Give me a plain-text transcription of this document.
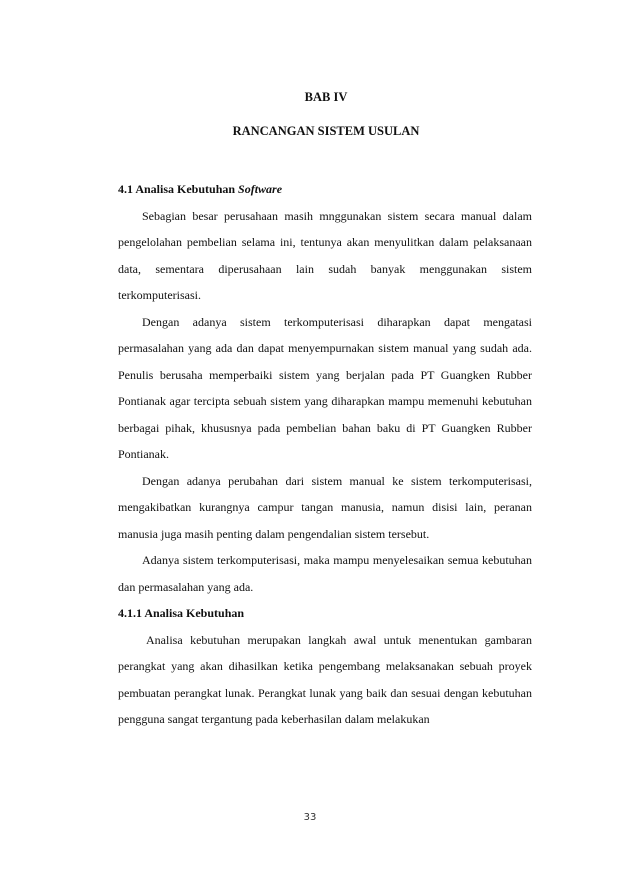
BAB IV
RANCANGAN SISTEM USULAN

4.1 Analisa Kebutuhan Software

Sebagian besar perusahaan masih mnggunakan sistem secara manual dalam pengelolahan pembelian selama ini, tentunya akan menyulitkan dalam pelaksanaan data, sementara diperusahaan lain sudah banyak menggunakan sistem terkomputerisasi.

Dengan adanya sistem terkomputerisasi diharapkan dapat mengatasi permasalahan yang ada dan dapat menyempurnakan sistem manual yang sudah ada. Penulis berusaha memperbaiki sistem yang berjalan pada PT Guangken Rubber Pontianak agar tercipta sebuah sistem yang diharapkan mampu memenuhi kebutuhan berbagai pihak, khususnya pada pembelian bahan baku di PT Guangken Rubber Pontianak.

Dengan adanya perubahan dari sistem manual ke sistem terkomputerisasi, mengakibatkan kurangnya campur tangan manusia, namun disisi lain, peranan manusia juga masih penting dalam pengendalian sistem tersebut.

Adanya sistem terkomputerisasi, maka mampu menyelesaikan semua kebutuhan dan permasalahan yang ada.

4.1.1 Analisa Kebutuhan

Analisa kebutuhan merupakan langkah awal untuk menentukan gambaran perangkat yang akan dihasilkan ketika pengembang melaksanakan sebuah proyek pembuatan perangkat lunak. Perangkat lunak yang baik dan sesuai dengan kebutuhan pengguna sangat tergantung pada keberhasilan dalam melakukan

33
